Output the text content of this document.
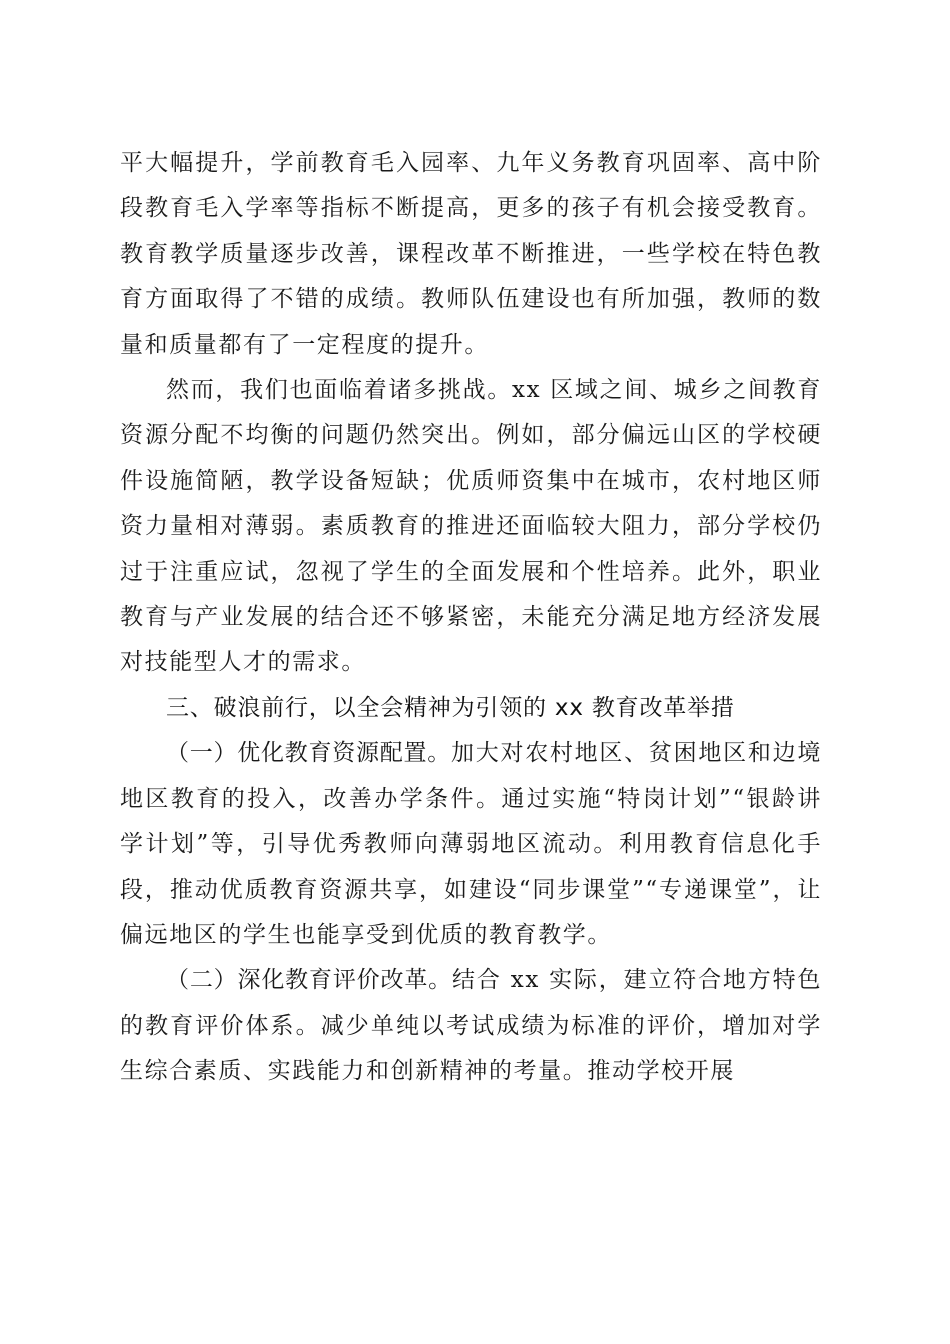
平大幅提升，学前教育毛入园率、九年义务教育巩固率、高中阶段教育毛入学率等指标不断提高，更多的孩子有机会接受教育。教育教学质量逐步改善，课程改革不断推进，一些学校在特色教育方面取得了不错的成绩。教师队伍建设也有所加强，教师的数量和质量都有了一定程度的提升。

然而，我们也面临着诸多挑战。xx 区域之间、城乡之间教育资源分配不均衡的问题仍然突出。例如，部分偏远山区的学校硬件设施简陋，教学设备短缺；优质师资集中在城市，农村地区师资力量相对薄弱。素质教育的推进还面临较大阻力，部分学校仍过于注重应试，忽视了学生的全面发展和个性培养。此外，职业教育与产业发展的结合还不够紧密，未能充分满足地方经济发展对技能型人才的需求。

三、破浪前行，以全会精神为引领的 xx 教育改革举措

（一）优化教育资源配置。加大对农村地区、贫困地区和边境地区教育的投入，改善办学条件。通过实施“特岗计划”“银龄讲学计划”等，引导优秀教师向薄弱地区流动。利用教育信息化手段，推动优质教育资源共享，如建设“同步课堂”“专递课堂”，让偏远地区的学生也能享受到优质的教育教学。

（二）深化教育评价改革。结合 xx 实际，建立符合地方特色的教育评价体系。减少单纯以考试成绩为标准的评价，增加对学生综合素质、实践能力和创新精神的考量。推动学校开展
